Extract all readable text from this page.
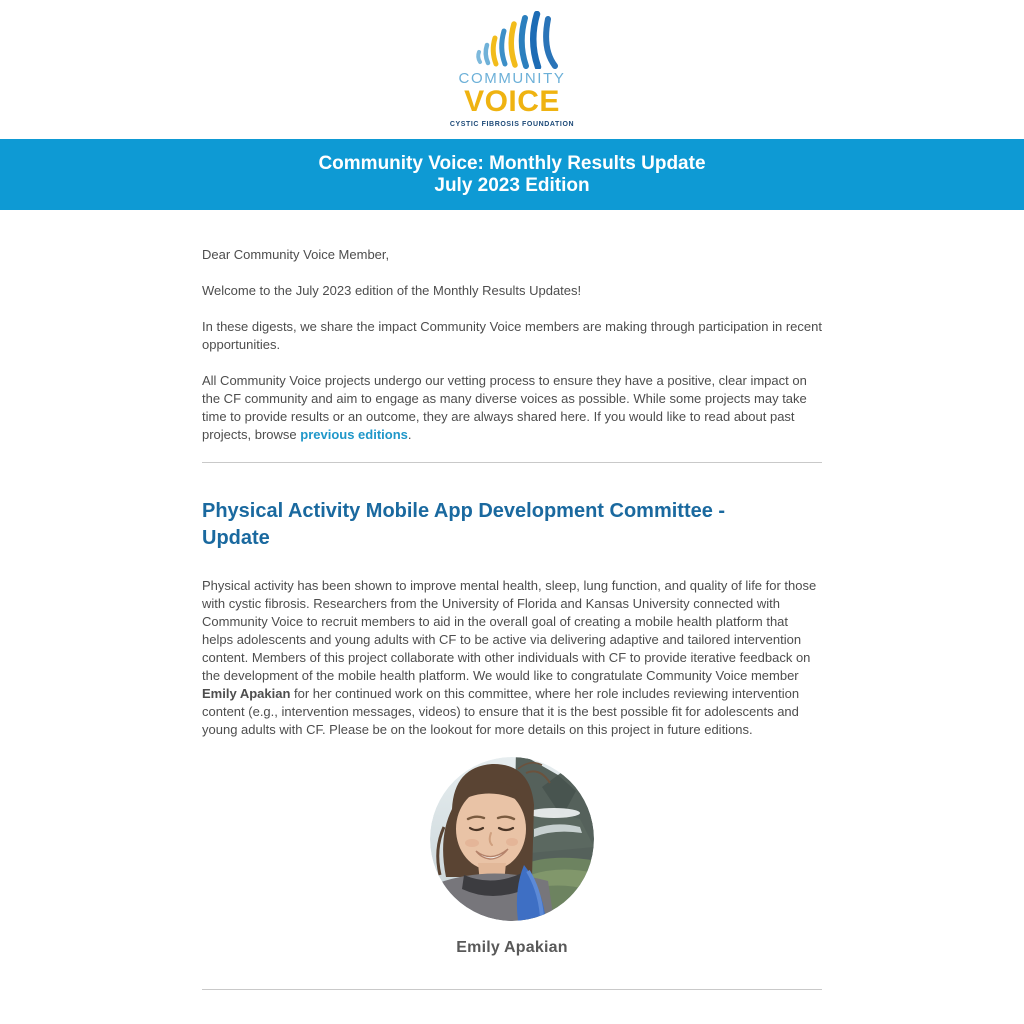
COMMUNITY
VOICE
CYSTIC FIBROSIS FOUNDATION
Community Voice: Monthly Results Update
July 2023 Edition

Dear Community Voice Member,

Welcome to the July 2023 edition of the Monthly Results Updates!

In these digests, we share the impact Community Voice members are making through participation in recent opportunities.

All Community Voice projects undergo our vetting process to ensure they have a positive, clear impact on the CF community and aim to engage as many diverse voices as possible. While some projects may take time to provide results or an outcome, they are always shared here. If you would like to read about past projects, browse previous editions.

Physical Activity Mobile App Development Committee - Update

Physical activity has been shown to improve mental health, sleep, lung function, and quality of life for those with cystic fibrosis. Researchers from the University of Florida and Kansas University connected with Community Voice to recruit members to aid in the overall goal of creating a mobile health platform that helps adolescents and young adults with CF to be active via delivering adaptive and tailored intervention content. Members of this project collaborate with other individuals with CF to provide iterative feedback on the development of the mobile health platform. We would like to congratulate Community Voice member Emily Apakian for her continued work on this committee, where her role includes reviewing intervention content (e.g., intervention messages, videos) to ensure that it is the best possible fit for adolescents and young adults with CF. Please be on the lookout for more details on this project in future editions.

Emily Apakian
